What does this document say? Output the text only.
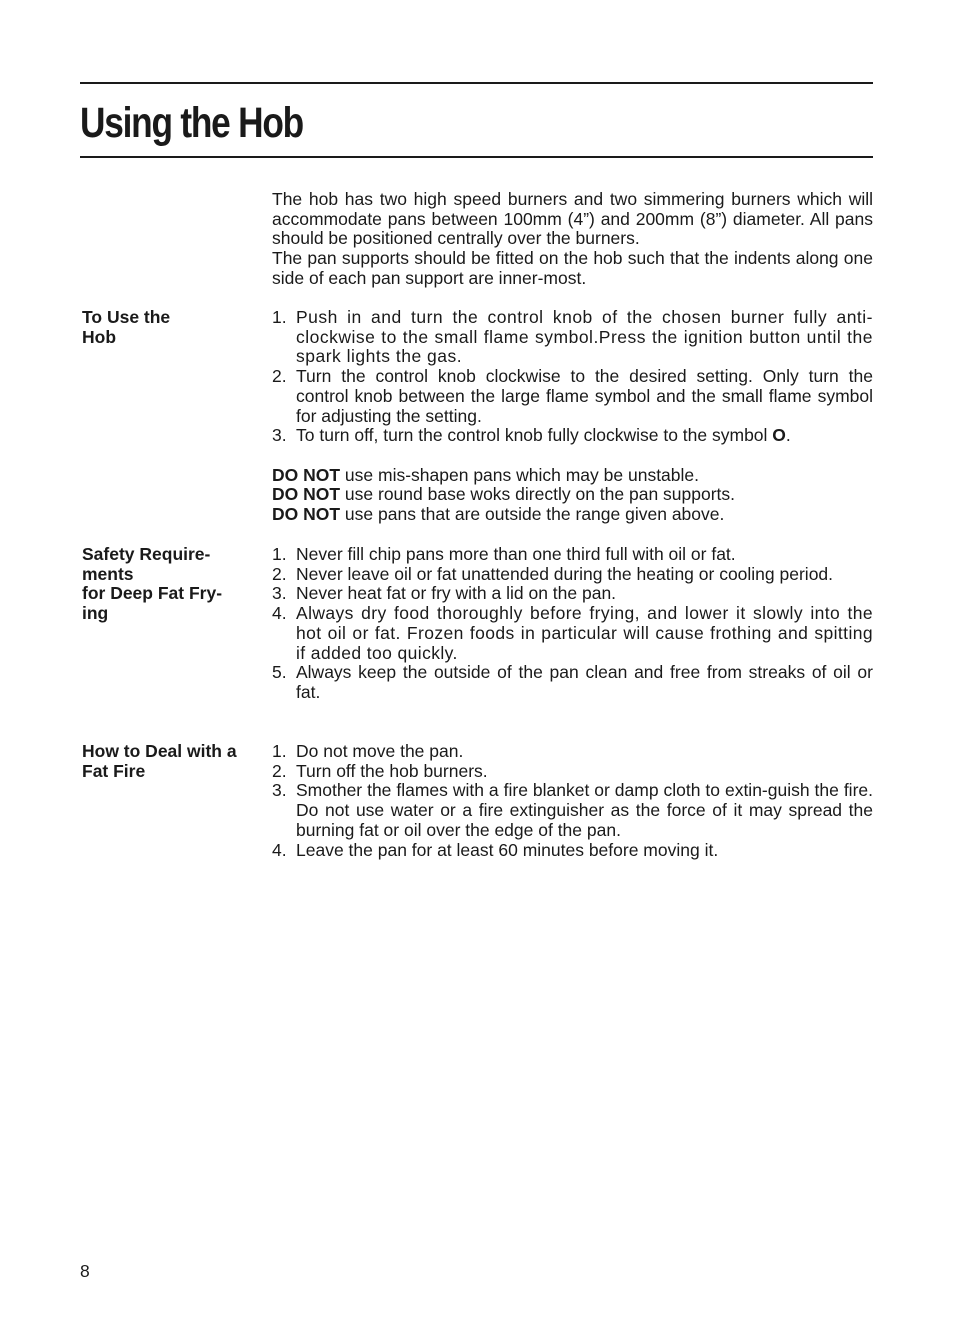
Using the Hob

The hob has two high speed burners and two simmering burners which will accommodate pans between 100mm (4”) and 200mm (8”) diameter. All pans should be positioned centrally over the burners.

The pan supports should be fitted on the hob such that the indents along one side of each pan support are inner-most.

To Use the
Hob
1. Push in and turn the control knob of the chosen burner fully anti-clockwise to the small flame symbol.Press the ignition button until the spark lights the gas.
2. Turn the control knob clockwise to the desired setting. Only turn the control knob between the large flame symbol and the small flame symbol for adjusting the setting.
3. To turn off, turn the control knob fully clockwise to the symbol O.
DO NOT use mis-shapen pans which may be unstable.
DO NOT use round base woks directly on the pan supports.
DO NOT use pans that are outside the range given above.
Safety Require-
ments
for Deep Fat Fry-
ing
1. Never fill chip pans more than one third full with oil or fat.
2. Never leave oil or fat unattended during the heating or cooling period.
3. Never heat fat or fry with a lid on the pan.
4. Always dry food thoroughly before frying, and lower it slowly into the hot oil or fat. Frozen foods in particular will cause frothing and spitting if added too quickly.
5. Always keep the outside of the pan clean and free from streaks of oil or fat.
How to Deal with a
Fat Fire
1. Do not move the pan.
2. Turn off the hob burners.
3. Smother the flames with a fire blanket or damp cloth to extin-guish the fire. Do not use water or a fire extinguisher as the force of it may spread the burning fat or oil over the edge of the pan.
4. Leave the pan for at least 60 minutes before moving it.

8
